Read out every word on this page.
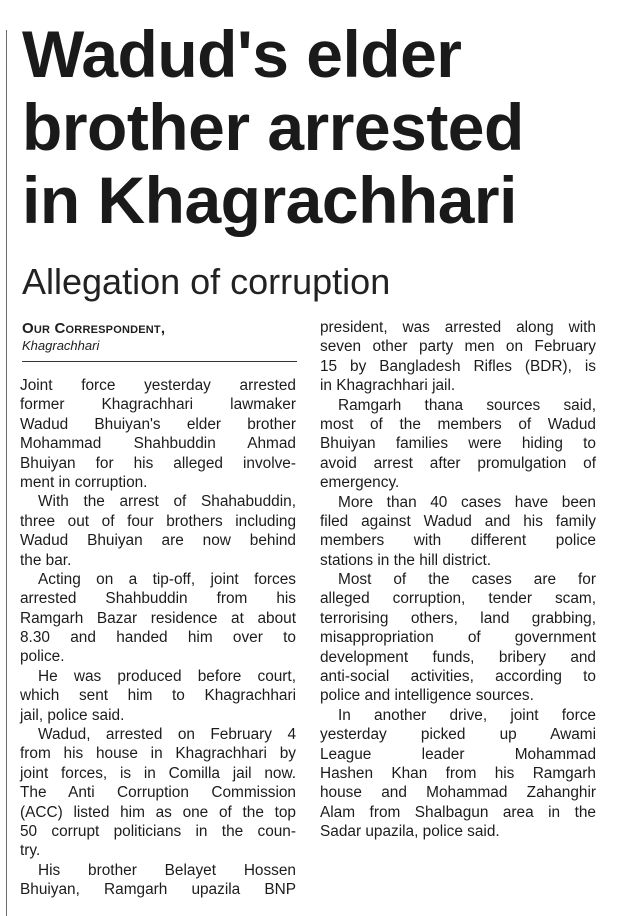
Wadud's elder
brother arrested
in Khagrachhari
Allegation of corruption
Our Correspondent,
Khagrachhari
Joint force yesterday arrested
former Khagrachhari lawmaker
Wadud Bhuiyan's elder brother
Mohammad Shahbuddin Ahmad
Bhuiyan for his alleged involve-
ment in corruption.
With the arrest of Shahabuddin,
three out of four brothers including
Wadud Bhuiyan are now behind
the bar.
Acting on a tip-off, joint forces
arrested Shahbuddin from his
Ramgarh Bazar residence at about
8.30 and handed him over to
police.
He was produced before court,
which sent him to Khagrachhari
jail, police said.
Wadud, arrested on February 4
from his house in Khagrachhari by
joint forces, is in Comilla jail now.
The Anti Corruption Commission
(ACC) listed him as one of the top
50 corrupt politicians in the coun-
try.
His brother Belayet Hossen
Bhuiyan, Ramgarh upazila BNP
president, was arrested along with
seven other party men on February
15 by Bangladesh Rifles (BDR), is
in Khagrachhari jail.
Ramgarh thana sources said,
most of the members of Wadud
Bhuiyan families were hiding to
avoid arrest after promulgation of
emergency.
More than 40 cases have been
filed against Wadud and his family
members with different police
stations in the hill district.
Most of the cases are for
alleged corruption, tender scam,
terrorising others, land grabbing,
misappropriation of government
development funds, bribery and
anti-social activities, according to
police and intelligence sources.
In another drive, joint force
yesterday picked up Awami
League leader Mohammad
Hashen Khan from his Ramgarh
house and Mohammad Zahanghir
Alam from Shalbagun area in the
Sadar upazila, police said.
